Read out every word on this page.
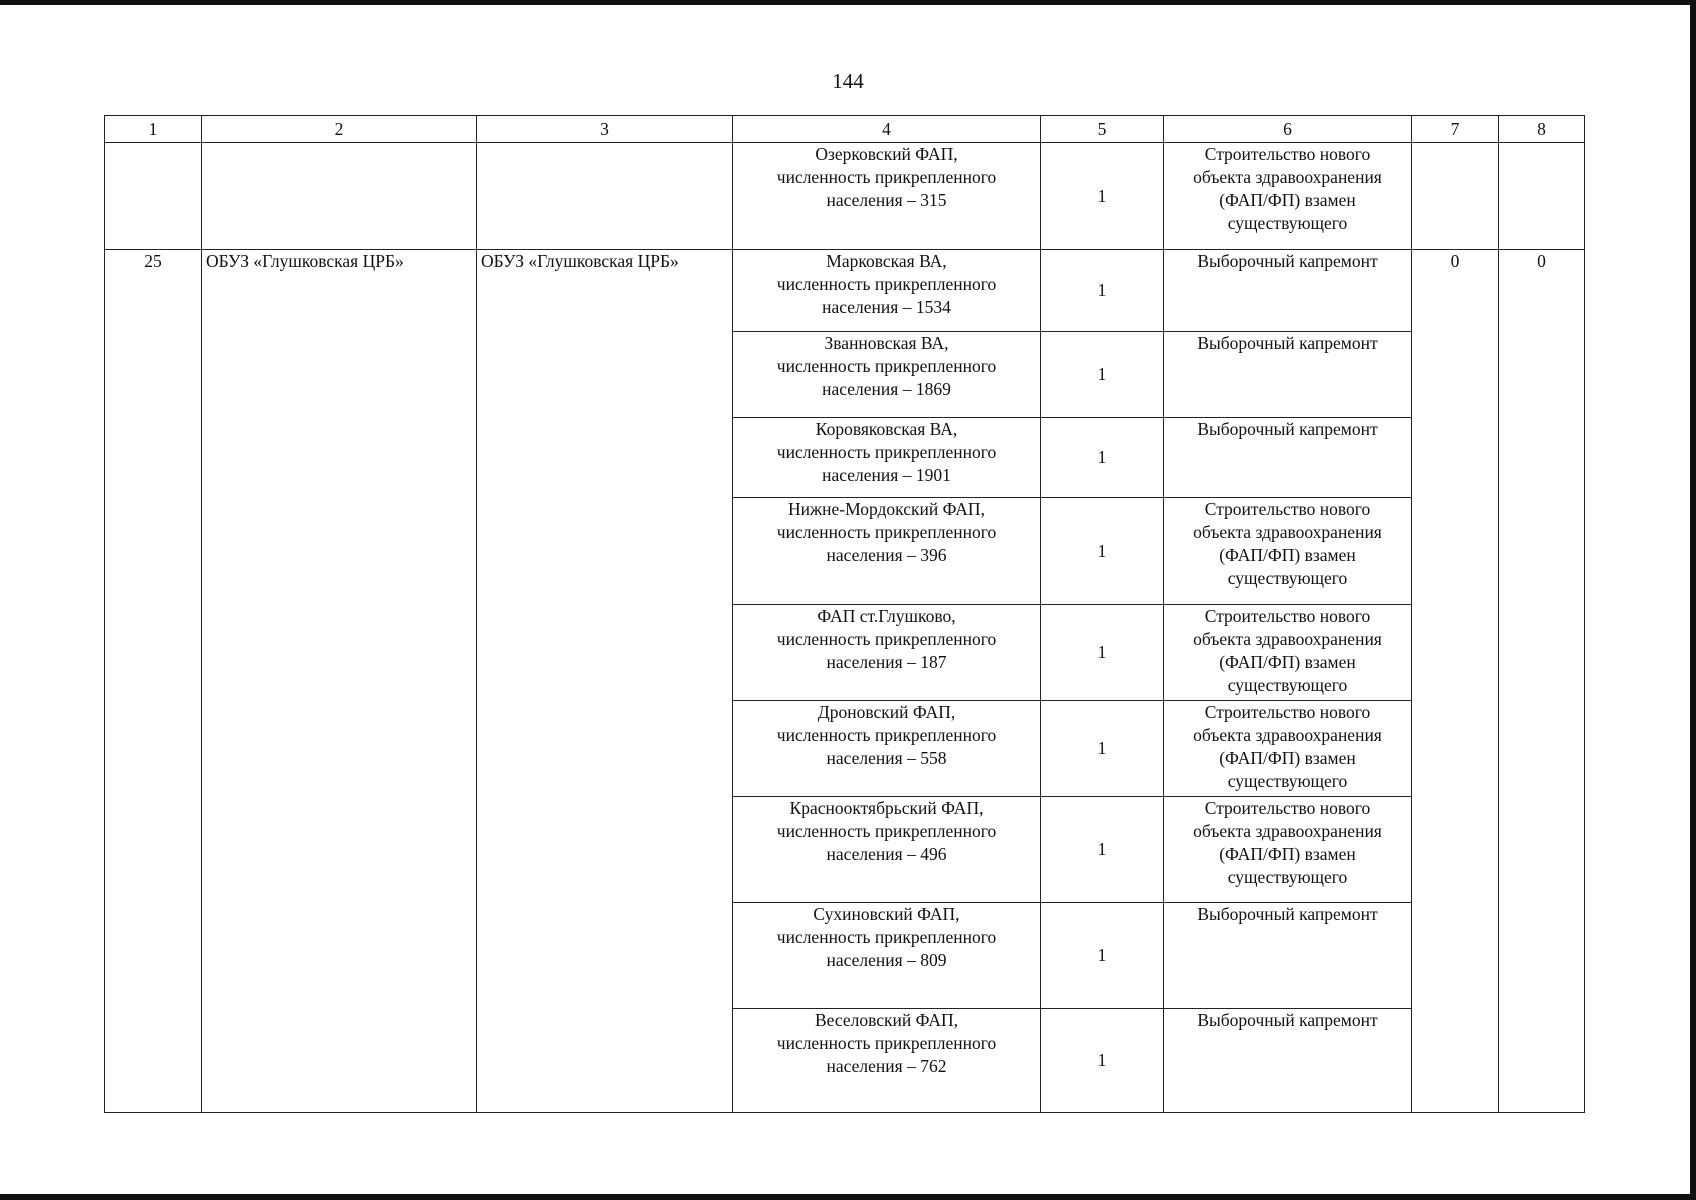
144
1	2	3	4	5	6	7	8
			Озерковский ФАП,
численность прикрепленного
населения – 315	1	Строительство нового
объекта здравоохранения
(ФАП/ФП) взамен
существующего		
25	ОБУЗ «Глушковская ЦРБ»	ОБУЗ «Глушковская ЦРБ»	Марковская ВА,
численность прикрепленного
населения – 1534	1	Выборочный капремонт	0	0
			Званновская ВА,
численность прикрепленного
населения – 1869	1	Выборочный капремонт		
			Коровяковская ВА,
численность прикрепленного
населения – 1901	1	Выборочный капремонт		
			Нижне-Мордокский ФАП,
численность прикрепленного
населения – 396	1	Строительство нового
объекта здравоохранения
(ФАП/ФП) взамен
существующего		
			ФАП ст.Глушково,
численность прикрепленного
населения – 187	1	Строительство нового
объекта здравоохранения
(ФАП/ФП) взамен
существующего		
			Дроновский ФАП,
численность прикрепленного
населения – 558	1	Строительство нового
объекта здравоохранения
(ФАП/ФП) взамен
существующего		
			Краснооктябрьский ФАП,
численность прикрепленного
населения – 496	1	Строительство нового
объекта здравоохранения
(ФАП/ФП) взамен
существующего		
			Сухиновский ФАП,
численность прикрепленного
населения – 809	1	Выборочный капремонт		
			Веселовский ФАП,
численность прикрепленного
населения – 762	1	Выборочный капремонт		
